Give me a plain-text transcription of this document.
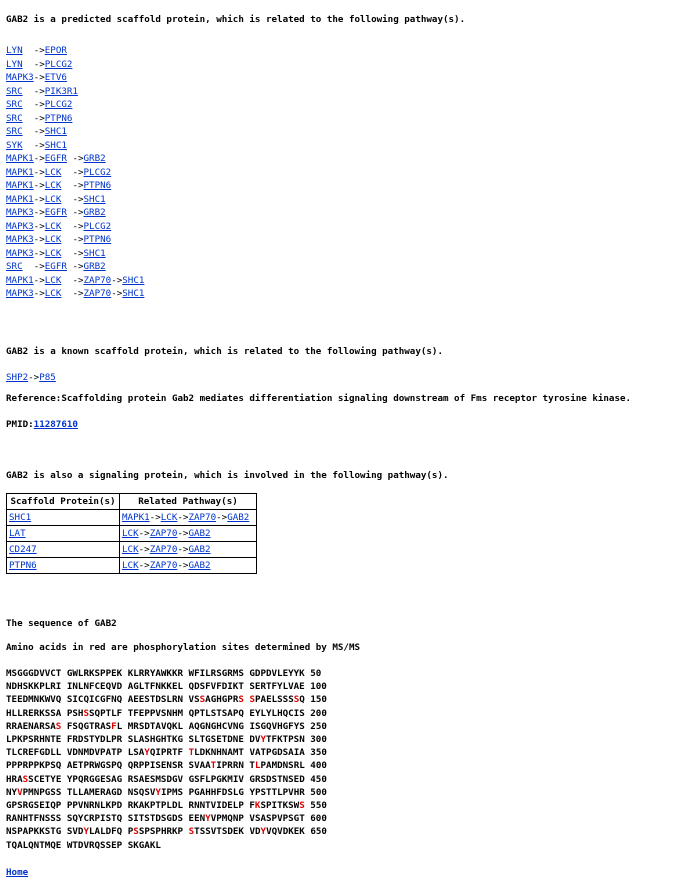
GAB2 is a predicted scaffold protein, which is related to the following pathway(s).

LYN ->EPOR
LYN ->PLCG2
MAPK3->ETV6
SRC ->PIK3R1
SRC ->PLCG2
SRC ->PTPN6
SRC ->SHC1
SYK ->SHC1
MAPK1->EGFR ->GRB2
MAPK1->LCK ->PLCG2
MAPK1->LCK ->PTPN6
MAPK1->LCK ->SHC1
MAPK3->EGFR ->GRB2
MAPK3->LCK ->PLCG2
MAPK3->LCK ->PTPN6
MAPK3->LCK ->SHC1
SRC ->EGFR ->GRB2
MAPK1->LCK ->ZAP70->SHC1
MAPK3->LCK ->ZAP70->SHC1

GAB2 is a known scaffold protein, which is related to the following pathway(s).

SHP2->P85

Reference:Scaffolding protein Gab2 mediates differentiation signaling downstream of Fms receptor tyrosine kinase.

PMID:11287610

GAB2 is also a signaling protein, which is involved in the following pathway(s).

Scaffold Protein(s)	Related Pathway(s)
SHC1	MAPK1->LCK->ZAP70->GAB2
LAT	LCK->ZAP70->GAB2
CD247	LCK->ZAP70->GAB2
PTPN6	LCK->ZAP70->GAB2

The sequence of GAB2

Amino acids in red are phosphorylation sites determined by MS/MS

MSGGGDVVCT GWLRKSPPEK KLRRYAWKKR WFILRSGRMS GDPDVLEYYK 50
NDHSKKPLRI INLNFCEQVD AGLTFNKKEL QDSFVFDIKT SERTFYLVAE 100
TEEDMNKWVQ SICQICGFNQ AEESTDSLRN VSSAGHGPRS SPAELSSSSQ 150
HLLRERKSSA PSHSSQPTLF TFEPPVSNHM QPTLSTSAPQ EYLYLHQCIS 200
RRAENARSAS FSQGTRASFL MRSDTAVQKL AQGNGHCVNG ISGQVHGFYS 250
LPKPSRHNTE FRDSTYDLPR SLASHGHTKG SLTGSETDNE DVYTFKTPSN 300
TLCREFGDLL VDNMDVPATP LSAYQIPRTF TLDKNHNAMT VATPGDSAIA 350
PPPRPPKPSQ AETPRWGSPQ QRPPISENSR SVAATIPRRN TLPAMDNSRL 400
HRASSCETYE YPQRGGESAG RSAESMSDGV GSFLPGKMIV GRSDSTNSED 450
NYVPMNPGSS TLLAMERAGD NSQSVYIPMS PGAHHFDSLG YPSTTLPVHR 500
GPSRGSEIQP PPVNRNLKPD RKAKPTPLDL RNNTVIDELP FKSPITKSWS 550
RANHTFNSSS SQYCRPISTQ SITSTDSGDS EENYVPMQNP VSASPVPSGT 600
NSPAPKKSTG SVDYLALDFQ PSSPSPHRKP STSSVTSDEK VDYVQVDKEK 650
TQALQNTMQE WTDVRQSSEP SKGAKL
Home
